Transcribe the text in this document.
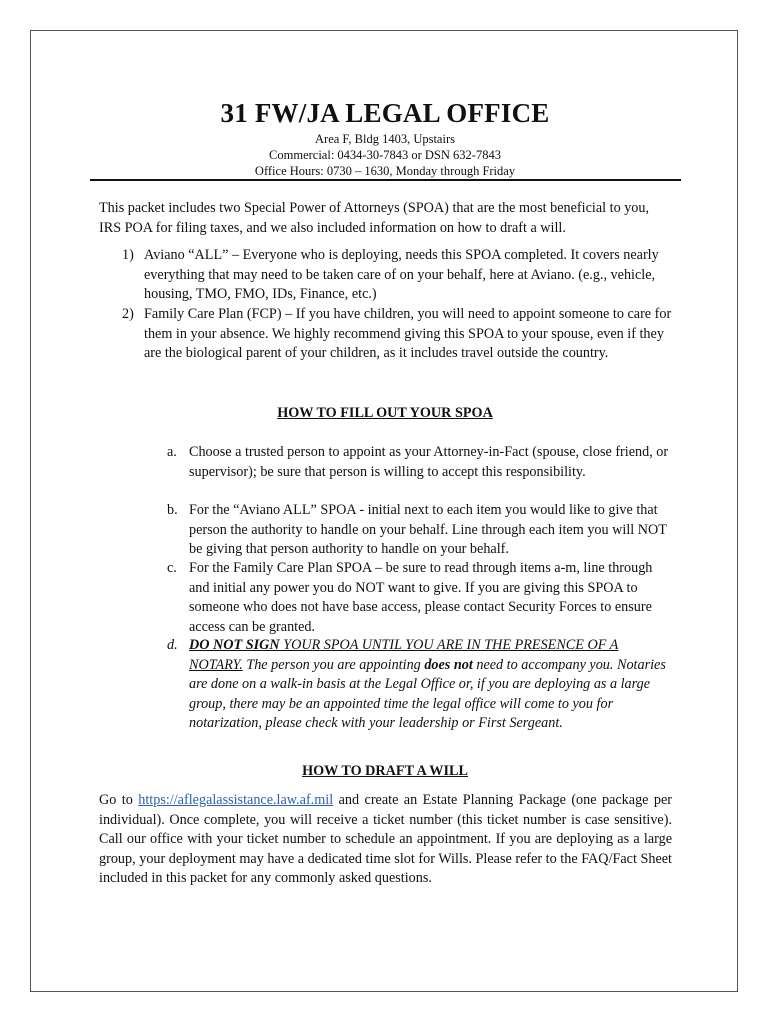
31 FW/JA LEGAL OFFICE
Area F, Bldg 1403, Upstairs
Commercial: 0434-30-7843 or DSN 632-7843
Office Hours: 0730 – 1630, Monday through Friday
This packet includes two Special Power of Attorneys (SPOA) that are the most beneficial to you, IRS POA for filing taxes, and we also included information on how to draft a will.
1) Aviano “ALL” – Everyone who is deploying, needs this SPOA completed. It covers nearly everything that may need to be taken care of on your behalf, here at Aviano. (e.g., vehicle, housing, TMO, FMO, IDs, Finance, etc.)
2) Family Care Plan (FCP) – If you have children, you will need to appoint someone to care for them in your absence. We highly recommend giving this SPOA to your spouse, even if they are the biological parent of your children, as it includes travel outside the country.
HOW TO FILL OUT YOUR SPOA
a. Choose a trusted person to appoint as your Attorney-in-Fact (spouse, close friend, or supervisor); be sure that person is willing to accept this responsibility.
b. For the “Aviano ALL” SPOA - initial next to each item you would like to give that person the authority to handle on your behalf. Line through each item you will NOT be giving that person authority to handle on your behalf.
c. For the Family Care Plan SPOA – be sure to read through items a-m, line through and initial any power you do NOT want to give. If you are giving this SPOA to someone who does not have base access, please contact Security Forces to ensure access can be granted.
d. DO NOT SIGN YOUR SPOA UNTIL YOU ARE IN THE PRESENCE OF A NOTARY. The person you are appointing does not need to accompany you. Notaries are done on a walk-in basis at the Legal Office or, if you are deploying as a large group, there may be an appointed time the legal office will come to you for notarization, please check with your leadership or First Sergeant.
HOW TO DRAFT A WILL
Go to https://aflegalassistance.law.af.mil and create an Estate Planning Package (one package per individual). Once complete, you will receive a ticket number (this ticket number is case sensitive). Call our office with your ticket number to schedule an appointment. If you are deploying as a large group, your deployment may have a dedicated time slot for Wills. Please refer to the FAQ/Fact Sheet included in this packet for any commonly asked questions.
